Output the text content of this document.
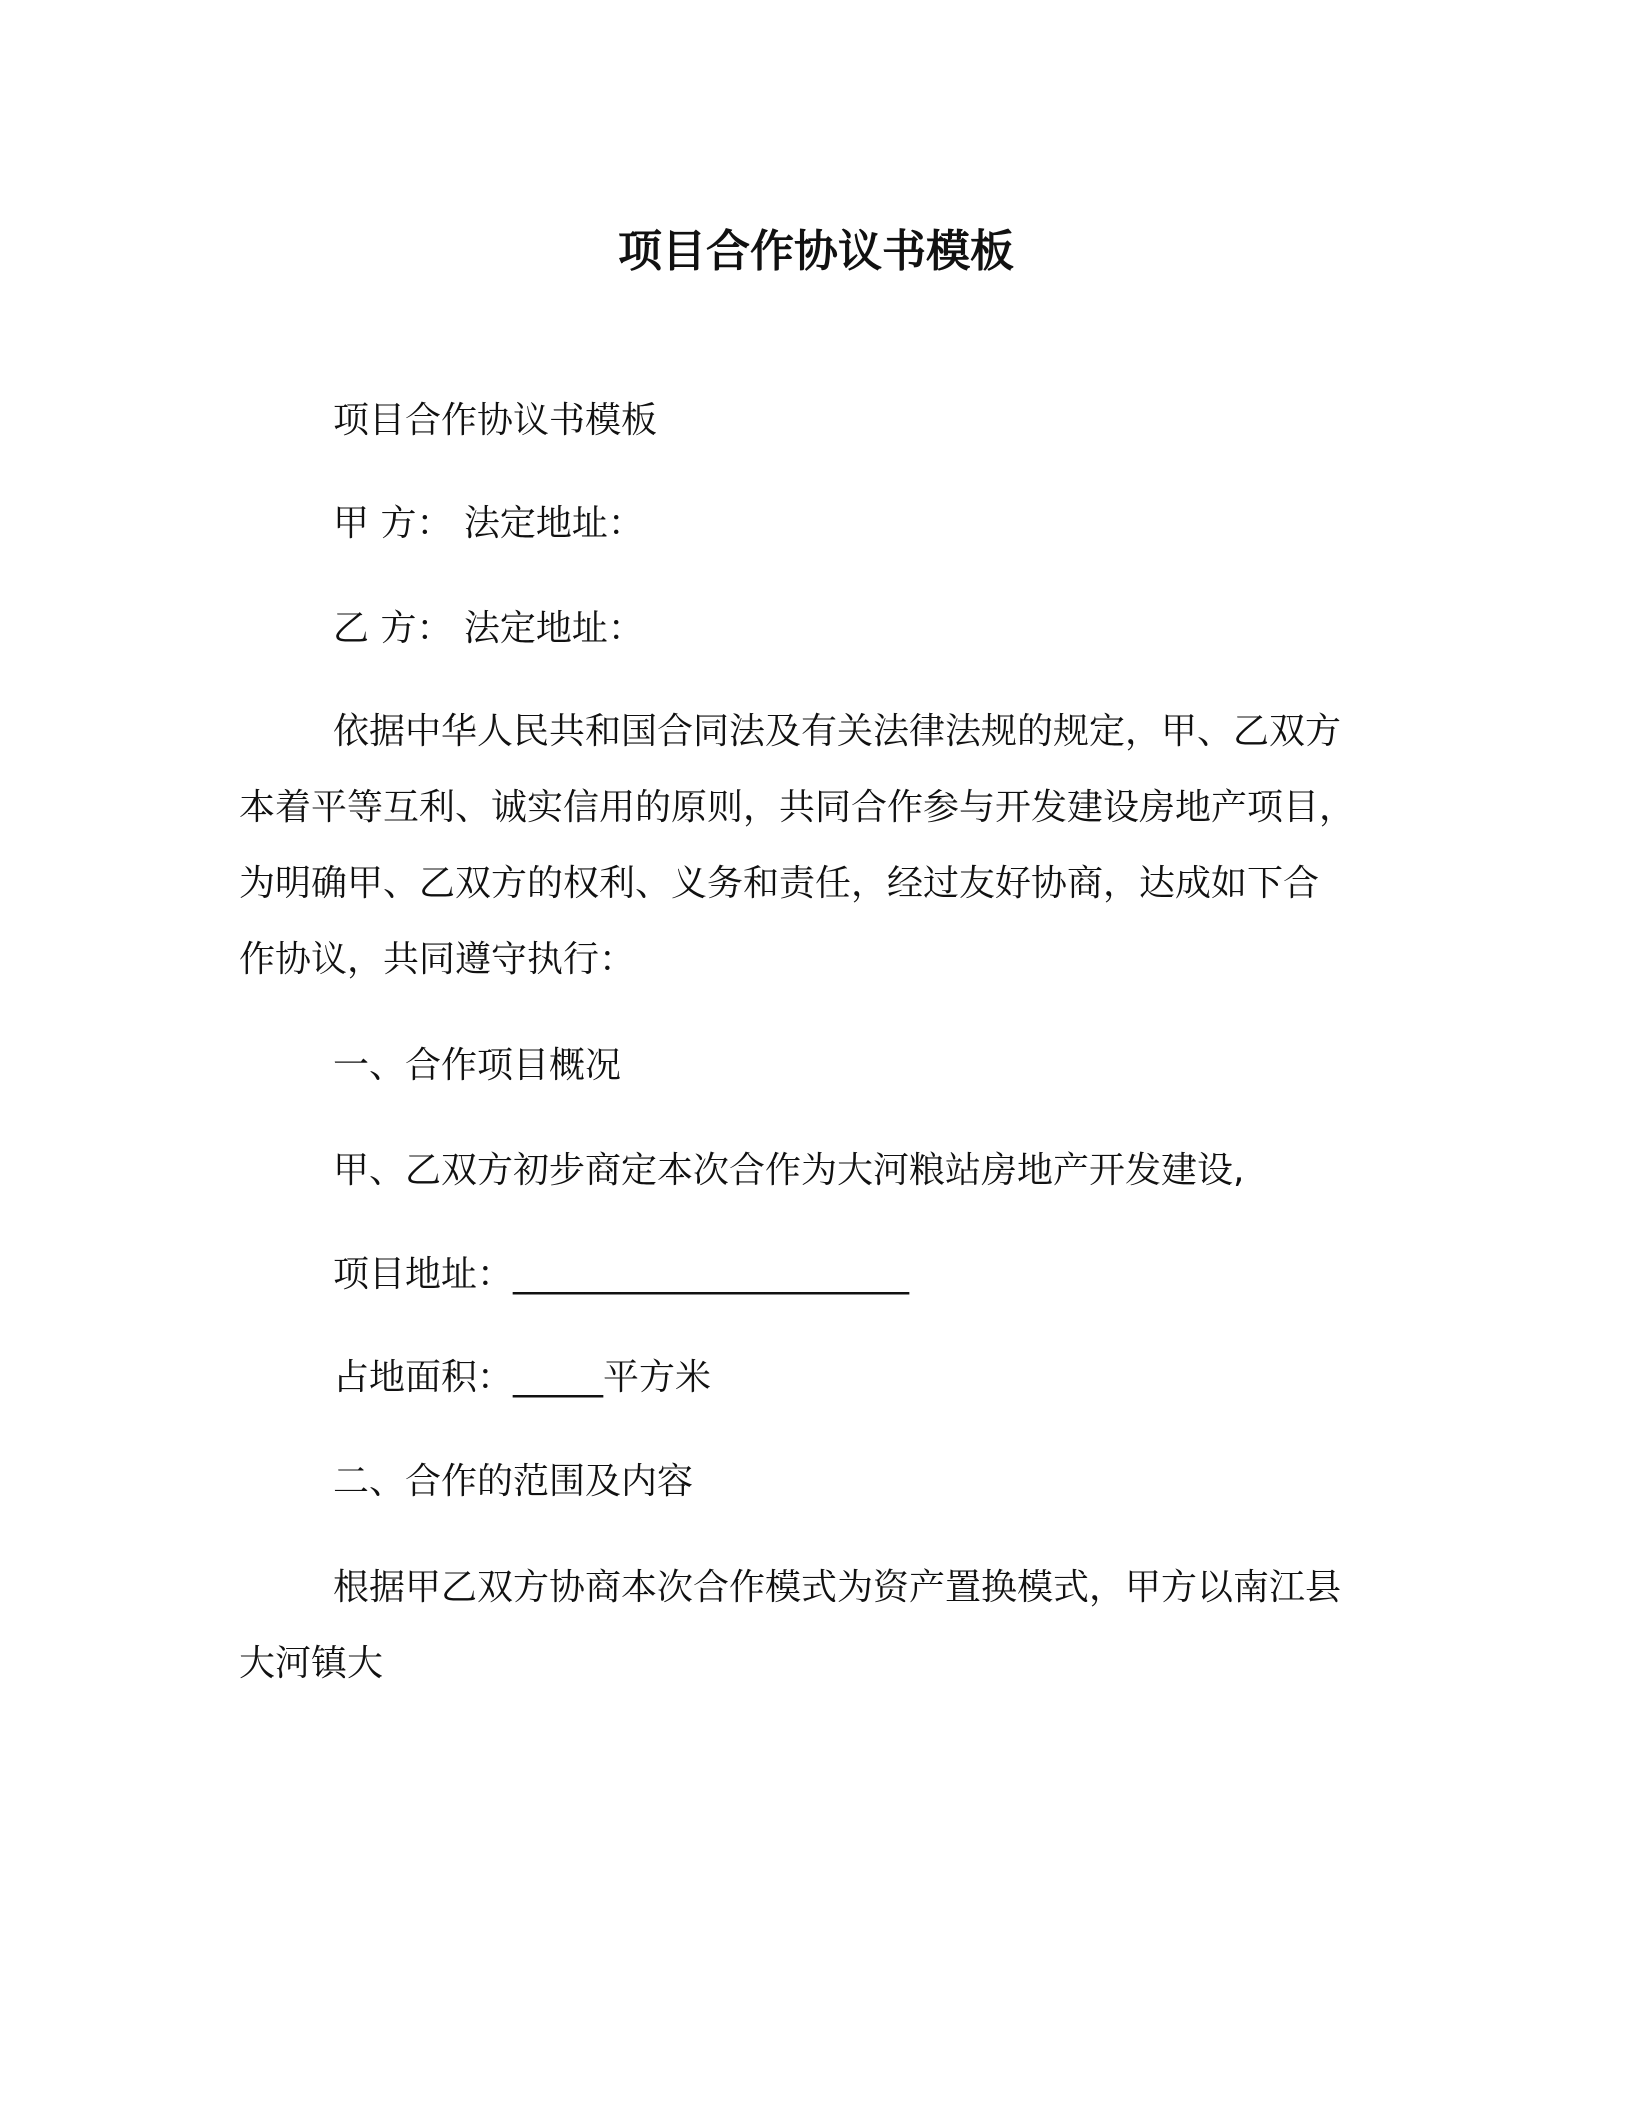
项目合作协议书模板
项目合作协议书模板
甲 方： 法定地址：
乙 方： 法定地址：
依据中华人民共和国合同法及有关法律法规的规定，甲、乙双方
本着平等互利、诚实信用的原则，共同合作参与开发建设房地产项目，
为明确甲、乙双方的权利、义务和责任，经过友好协商，达成如下合
作协议，共同遵守执行：
一、合作项目概况
甲、乙双方初步商定本次合作为大河粮站房地产开发建设,
项目地址：______________________
占地面积：_____平方米
二、合作的范围及内容
根据甲乙双方协商本次合作模式为资产置换模式，甲方以南江县
大河镇大
